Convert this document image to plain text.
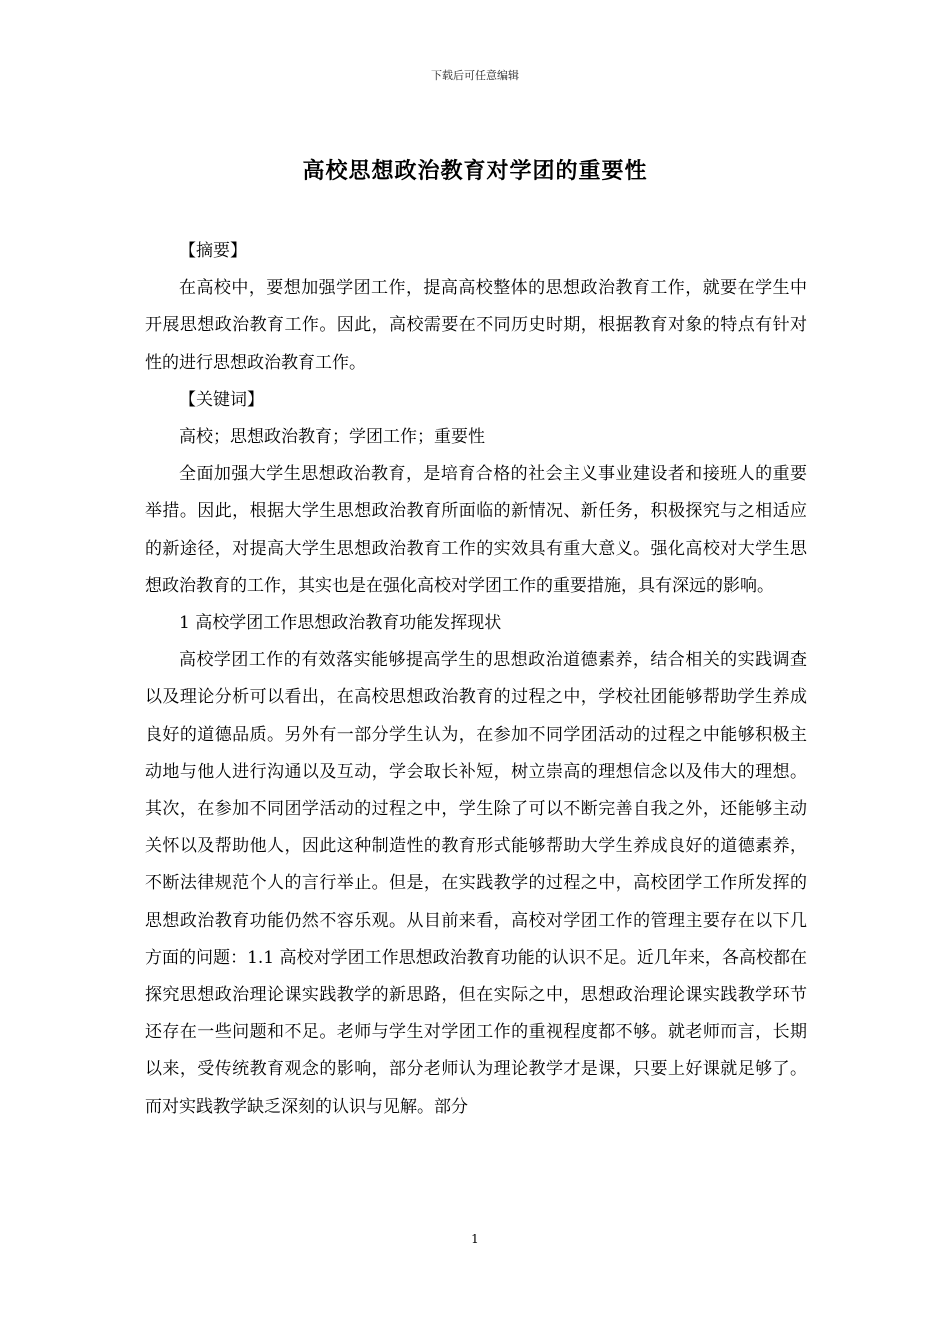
下载后可任意编辑
高校思想政治教育对学团的重要性

【摘要】

在高校中，要想加强学团工作，提高高校整体的思想政治教育工作，就要在学生中开展思想政治教育工作。因此，高校需要在不同历史时期，根据教育对象的特点有针对性的进行思想政治教育工作。

【关键词】

高校；思想政治教育；学团工作；重要性

全面加强大学生思想政治教育，是培育合格的社会主义事业建设者和接班人的重要举措。因此，根据大学生思想政治教育所面临的新情况、新任务，积极探究与之相适应的新途径，对提高大学生思想政治教育工作的实效具有重大意义。强化高校对大学生思想政治教育的工作，其实也是在强化高校对学团工作的重要措施，具有深远的影响。

1 高校学团工作思想政治教育功能发挥现状

高校学团工作的有效落实能够提高学生的思想政治道德素养，结合相关的实践调查以及理论分析可以看出，在高校思想政治教育的过程之中，学校社团能够帮助学生养成良好的道德品质。另外有一部分学生认为，在参加不同学团活动的过程之中能够积极主动地与他人进行沟通以及互动，学会取长补短，树立崇高的理想信念以及伟大的理想。其次，在参加不同团学活动的过程之中，学生除了可以不断完善自我之外，还能够主动关怀以及帮助他人，因此这种制造性的教育形式能够帮助大学生养成良好的道德素养，不断法律规范个人的言行举止。但是，在实践教学的过程之中，高校团学工作所发挥的思想政治教育功能仍然不容乐观。从目前来看，高校对学团工作的管理主要存在以下几方面的问题：1.1 高校对学团工作思想政治教育功能的认识不足。近几年来，各高校都在探究思想政治理论课实践教学的新思路，但在实际之中，思想政治理论课实践教学环节还存在一些问题和不足。老师与学生对学团工作的重视程度都不够。就老师而言，长期以来，受传统教育观念的影响，部分老师认为理论教学才是课，只要上好课就足够了。而对实践教学缺乏深刻的认识与见解。部分

1
